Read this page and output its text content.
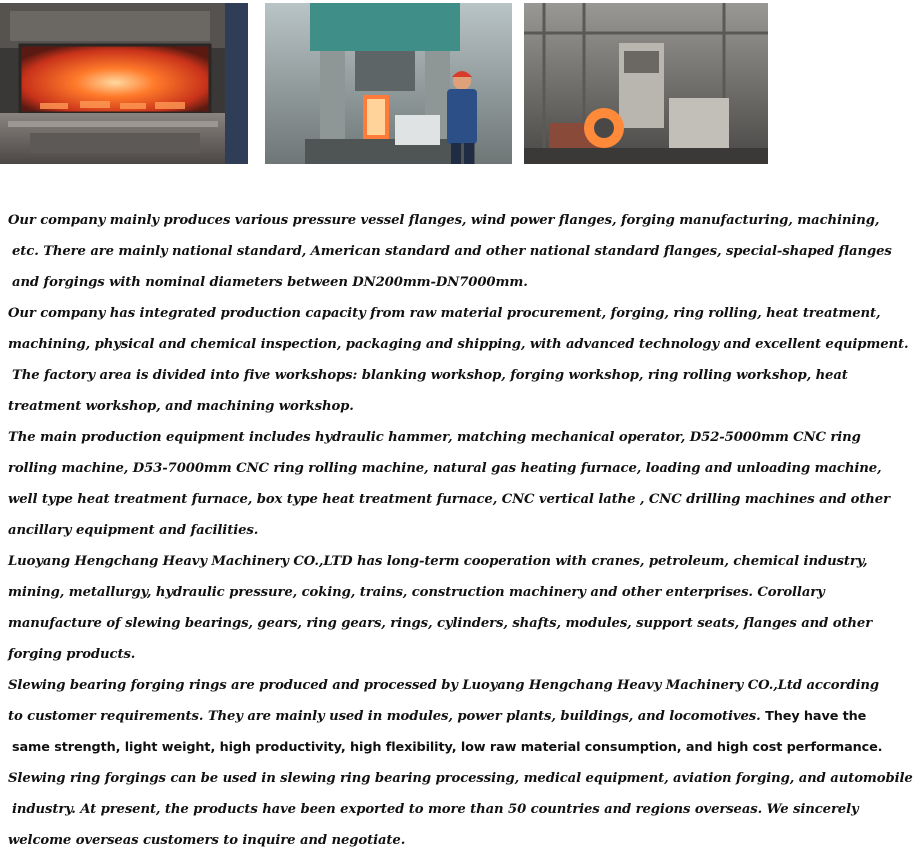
Our company mainly produces various pressure vessel flanges, wind power flanges, forging manufacturing, machining,
etc. There are mainly national standard, American standard and other national standard flanges, special-shaped flanges
and forgings with nominal diameters between DN200mm-DN7000mm.
Our company has integrated production capacity from raw material procurement, forging, ring rolling, heat treatment,
machining, physical and chemical inspection, packaging and shipping, with advanced technology and excellent equipment.
The factory area is divided into five workshops: blanking workshop, forging workshop, ring rolling workshop, heat
treatment workshop, and machining workshop.
The main production equipment includes hydraulic hammer, matching mechanical operator, D52-5000mm CNC ring
rolling machine, D53-7000mm CNC ring rolling machine, natural gas heating furnace, loading and unloading machine,
well type heat treatment furnace, box type heat treatment furnace, CNC vertical lathe , CNC drilling machines and other
ancillary equipment and facilities.
Luoyang Hengchang Heavy Machinery CO.,LTD has long-term cooperation with cranes, petroleum, chemical industry,
mining, metallurgy, hydraulic pressure, coking, trains, construction machinery and other enterprises. Corollary
manufacture of slewing bearings, gears, ring gears, rings, cylinders, shafts, modules, support seats, flanges and other
forging products.
Slewing bearing forging rings are produced and processed by Luoyang Hengchang Heavy Machinery CO.,Ltd according
to customer requirements. They are mainly used in modules, power plants, buildings, and locomotives. They have the
same strength, light weight, high productivity, high flexibility, low raw material consumption, and high cost performance.
Slewing ring forgings can be used in slewing ring bearing processing, medical equipment, aviation forging, and automobile
industry. At present, the products have been exported to more than 50 countries and regions overseas. We sincerely
welcome overseas customers to inquire and negotiate.
